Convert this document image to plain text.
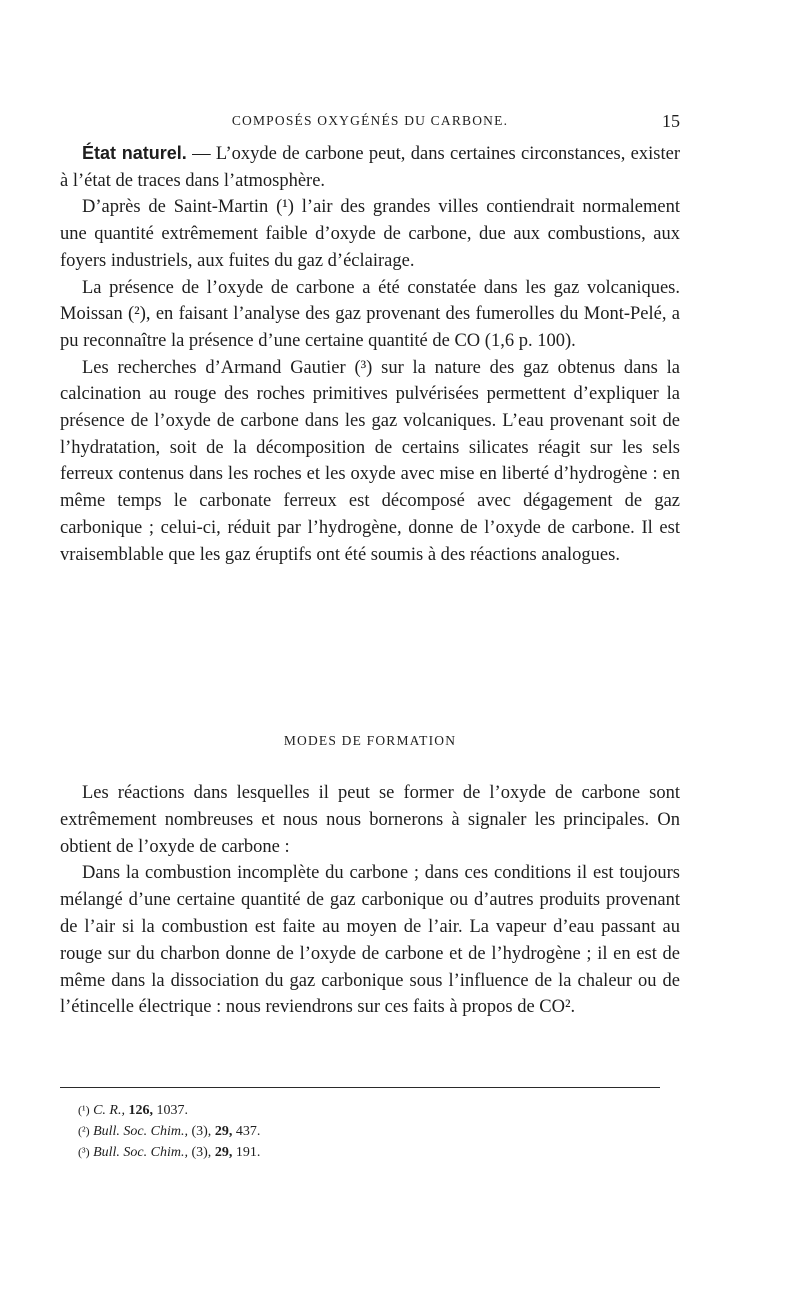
COMPOSÉS OXYGÉNÉS DU CARBONE.	15

État naturel. — L’oxyde de carbone peut, dans certaines circonstances, exister à l’état de traces dans l’atmosphère.

D’après de Saint-Martin (¹) l’air des grandes villes contiendrait normalement une quantité extrêmement faible d’oxyde de carbone, due aux combustions, aux foyers industriels, aux fuites du gaz d’éclairage.

La présence de l’oxyde de carbone a été constatée dans les gaz volcaniques. Moissan (²), en faisant l’analyse des gaz provenant des fumerolles du Mont-Pelé, a pu reconnaître la présence d’une certaine quantité de CO (1,6 p. 100).

Les recherches d’Armand Gautier (³) sur la nature des gaz obtenus dans la calcination au rouge des roches primitives pulvérisées permettent d’expliquer la présence de l’oxyde de carbone dans les gaz volcaniques. L’eau provenant soit de l’hydratation, soit de la décomposition de certains silicates réagit sur les sels ferreux contenus dans les roches et les oxyde avec mise en liberté d’hydrogène : en même temps le carbonate ferreux est décomposé avec dégagement de gaz carbonique ; celui-ci, réduit par l’hydrogène, donne de l’oxyde de carbone. Il est vraisemblable que les gaz éruptifs ont été soumis à des réactions analogues.

MODES DE FORMATION

Les réactions dans lesquelles il peut se former de l’oxyde de carbone sont extrêmement nombreuses et nous nous bornerons à signaler les principales. On obtient de l’oxyde de carbone :

Dans la combustion incomplète du carbone ; dans ces conditions il est toujours mélangé d’une certaine quantité de gaz carbonique ou d’autres produits provenant de l’air si la combustion est faite au moyen de l’air. La vapeur d’eau passant au rouge sur du charbon donne de l’oxyde de carbone et de l’hydrogène ; il en est de même dans la dissociation du gaz carbonique sous l’influence de la chaleur ou de l’étincelle électrique : nous reviendrons sur ces faits à propos de CO².

(¹) C. R., 126, 1037.
(²) Bull. Soc. Chim., (3), 29, 437.
(³) Bull. Soc. Chim., (3), 29, 191.
